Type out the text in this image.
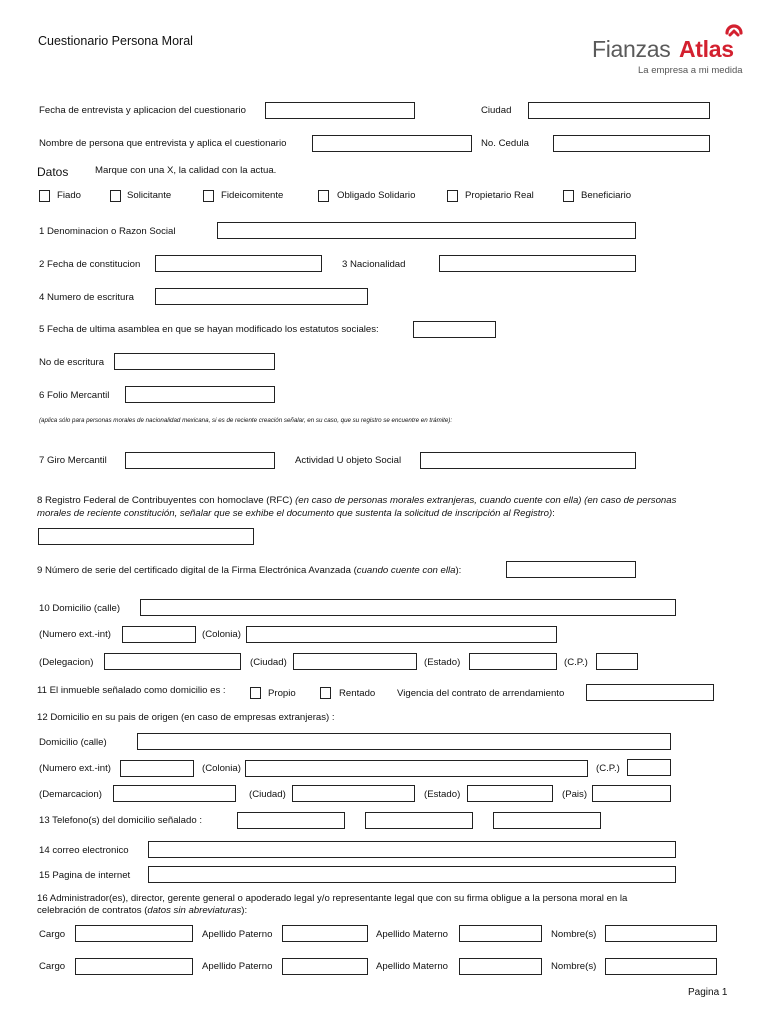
Cuestionario Persona Moral	Fianzas Atlas
La empresa a mi medida
Fecha de entrevista y aplicacion del cuestionario	Ciudad
Nombre de persona que entrevista y aplica el cuestionario	No. Cedula
Datos	Marque con una X, la calidad con la actua.
Fiado	Solicitante	Fideicomitente	Obligado Solidario	Propietario Real	Beneficiario
1 Denominacion o Razon Social
2 Fecha de constitucion	3 Nacionalidad
4 Numero de escritura
5 Fecha de ultima asamblea en que se hayan modificado los estatutos sociales:
No de escritura
6 Folio Mercantil
(aplica sólo para personas morales de nacionalidad mexicana, si es de reciente creación señalar, en su caso, que su registro se encuentre en trámite):
7 Giro Mercantil	Actividad U objeto Social
8 Registro Federal de Contribuyentes con homoclave (RFC) (en caso de personas morales extranjeras, cuando cuente con ella) (en caso de personas
morales de reciente constitución, señalar que se exhibe el documento que sustenta la solicitud de inscripción al Registro):
9 Número de serie del certificado digital de la Firma Electrónica Avanzada (cuando cuente con ella):
10 Domicilio (calle)
(Numero ext.-int)	(Colonia)
(Delegacion)	(Ciudad)	(Estado)	(C.P.)
11 El inmueble señalado como domicilio es :	Propio	Rentado Vigencia del contrato de arrendamiento
12 Domicilio en su pais de origen (en caso de empresas extranjeras) :
Domicilio (calle)
(Numero ext.-int)	(Colonia)	(C.P.)
(Demarcacion)	(Ciudad)	(Estado)	(Pais)
13 Telefono(s) del domicilio señalado :
14 correo electronico
15 Pagina de internet
16 Administrador(es), director, gerente general o apoderado legal y/o representante legal que con su firma obligue a la persona moral en la
celebración de contratos (datos sin abreviaturas):
Cargo	Apellido Paterno	Apellido Materno	Nombre(s)
Cargo	Apellido Paterno	Apellido Materno	Nombre(s)
Pagina 1
